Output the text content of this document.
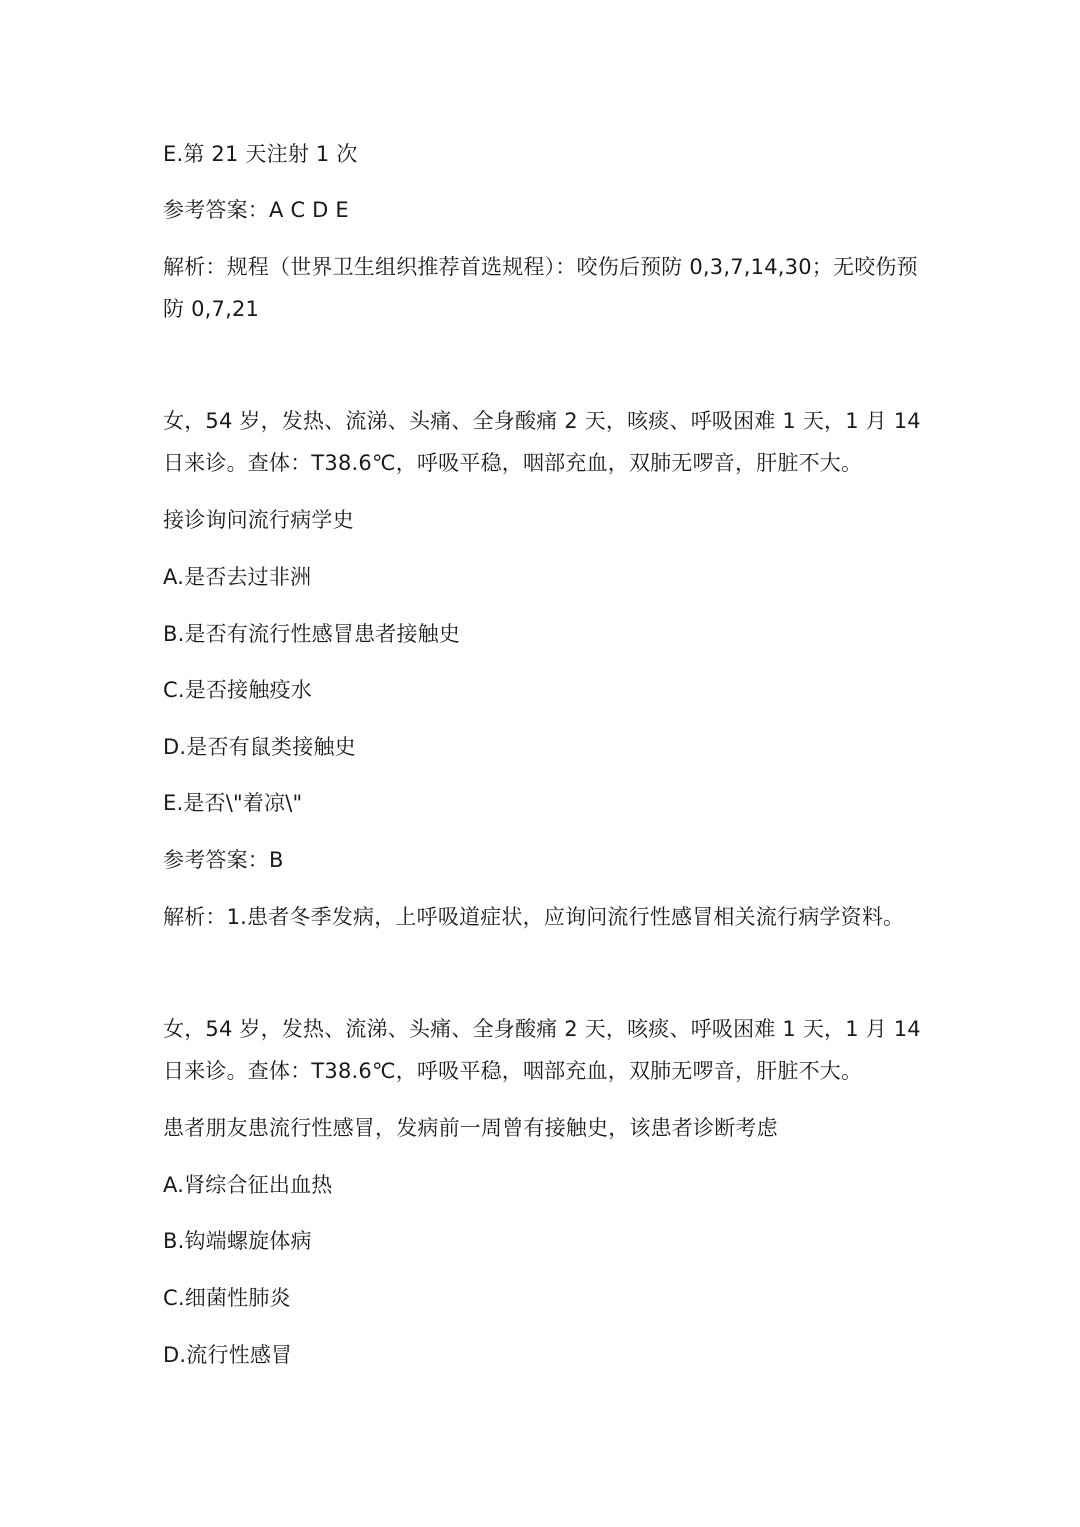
E.第 21 天注射 1 次
参考答案：A C D E
解析：规程（世界卫生组织推荐首选规程）：咬伤后预防 0,3,7,14,30；无咬伤预
防 0,7,21
女，54 岁，发热、流涕、头痛、全身酸痛 2 天，咳痰、呼吸困难 1 天，1 月 14
日来诊。查体：T38.6℃，呼吸平稳，咽部充血，双肺无啰音，肝脏不大。
接诊询问流行病学史
A.是否去过非洲
B.是否有流行性感冒患者接触史
C.是否接触疫水
D.是否有鼠类接触史
E.是否\"着凉\"
参考答案：B
解析：1.患者冬季发病，上呼吸道症状，应询问流行性感冒相关流行病学资料。
女，54 岁，发热、流涕、头痛、全身酸痛 2 天，咳痰、呼吸困难 1 天，1 月 14
日来诊。查体：T38.6℃，呼吸平稳，咽部充血，双肺无啰音，肝脏不大。
患者朋友患流行性感冒，发病前一周曾有接触史，该患者诊断考虑
A.肾综合征出血热
B.钩端螺旋体病
C.细菌性肺炎
D.流行性感冒
